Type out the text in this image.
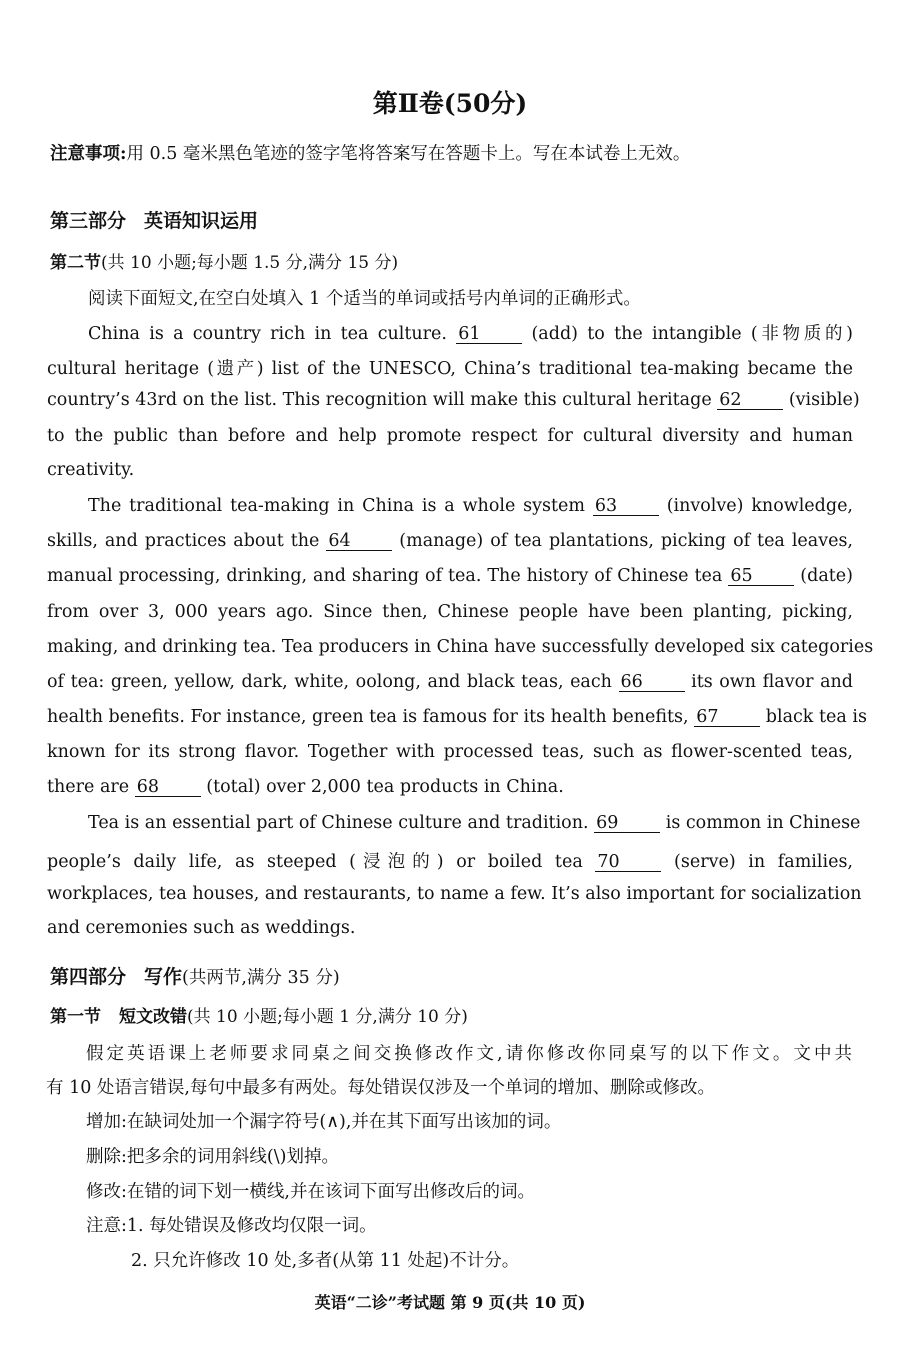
第Ⅱ卷(50分)
注意事项:用 0.5 毫米黑色笔迹的签字笔将答案写在答题卡上。写在本试卷上无效。
第三部分 英语知识运用
第二节(共 10 小题;每小题 1.5 分,满分 15 分)
阅读下面短文,在空白处填入 1 个适当的单词或括号内单词的正确形式。
China is a country rich in tea culture. 61	(add) to the intangible (非物质的)
cultural heritage (遗产) list of the UNESCO, China’s traditional tea-making became the
country’s 43rd on the list. This recognition will make this cultural heritage 62	(visible)
to the public than before and help promote respect for cultural diversity and human
creativity.
The traditional tea-making in China is a whole system 63	(involve) knowledge,
skills, and practices about the 64	(manage) of tea plantations, picking of tea leaves,
manual processing, drinking, and sharing of tea. The history of Chinese tea 65	(date)
from over 3, 000 years ago. Since then, Chinese people have been planting, picking,
making, and drinking tea. Tea producers in China have successfully developed six categories
of tea: green, yellow, dark, white, oolong, and black teas, each 66	its own flavor and
health benefits. For instance, green tea is famous for its health benefits, 67	black tea is
known for its strong flavor. Together with processed teas, such as flower-scented teas,
there are 68	(total) over 2,000 tea products in China.
Tea is an essential part of Chinese culture and tradition. 69	is common in Chinese
people’s daily life, as steeped (浸泡的) or boiled tea 70	(serve) in families,
workplaces, tea houses, and restaurants, to name a few. It’s also important for socialization
and ceremonies such as weddings.
第四部分 写作(共两节,满分 35 分)
第一节 短文改错(共 10 小题;每小题 1 分,满分 10 分)
假定英语课上老师要求同桌之间交换修改作文,请你修改你同桌写的以下作文。文中共
有 10 处语言错误,每句中最多有两处。每处错误仅涉及一个单词的增加、删除或修改。
增加:在缺词处加一个漏字符号(∧),并在其下面写出该加的词。
删除:把多余的词用斜线(\)划掉。
修改:在错的词下划一横线,并在该词下面写出修改后的词。
注意:1. 每处错误及修改均仅限一词。
2. 只允许修改 10 处,多者(从第 11 处起)不计分。
英语“二诊”考试题 第 9 页(共 10 页)
